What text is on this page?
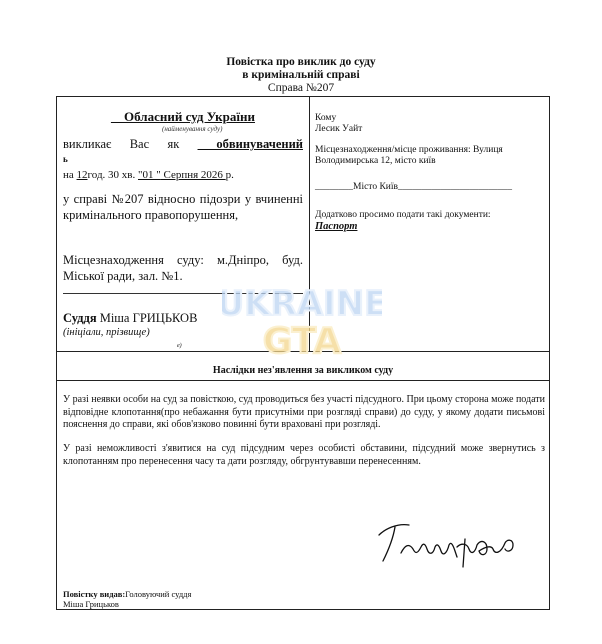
Повістка про виклик до суду
в кримінальній справі
Справа №207
__Обласний суд України
(найменування суду)
викликає Вас як ___обвинувачений
ь
на 12год. 30 хв. "01 " Серпня 2026 р.
у справі №207 відносно підозри у вчиненні кримінального правопорушення,
Місцезнаходження суду: м.Дніпро, буд. Міської ради, зал. №1.
Суддя Міша ГРИЦЬКОВ
(ініціали, прізвище)
е)
UKRAINE
GTA
Кому
Лесик Уайт
Місцезнаходження/місце проживання: Вулиця Володимирська 12, місто київ
________Місто Київ________________________
Додатково просимо подати такі документи:
Паспорт
Наслідки нез'явлення за викликом суду
У разі неявки особи на суд за повісткою, суд проводиться без участі підсудного. При цьому сторона може подати відповідне клопотання(про небажання бути присутніми при розгляді справи) до суду, у якому додати письмові пояснення до справи, які обов'язково повинні бути враховані при розгляді.
У разі неможливості з'явитися на суд підсудним через особисті обставини, підсудний може звернутись з клопотанням про перенесення часу та дати розгляду, обгрунтувавши перенесенням.
Повістку видав:Головуючий суддя
Міша Грицьков
